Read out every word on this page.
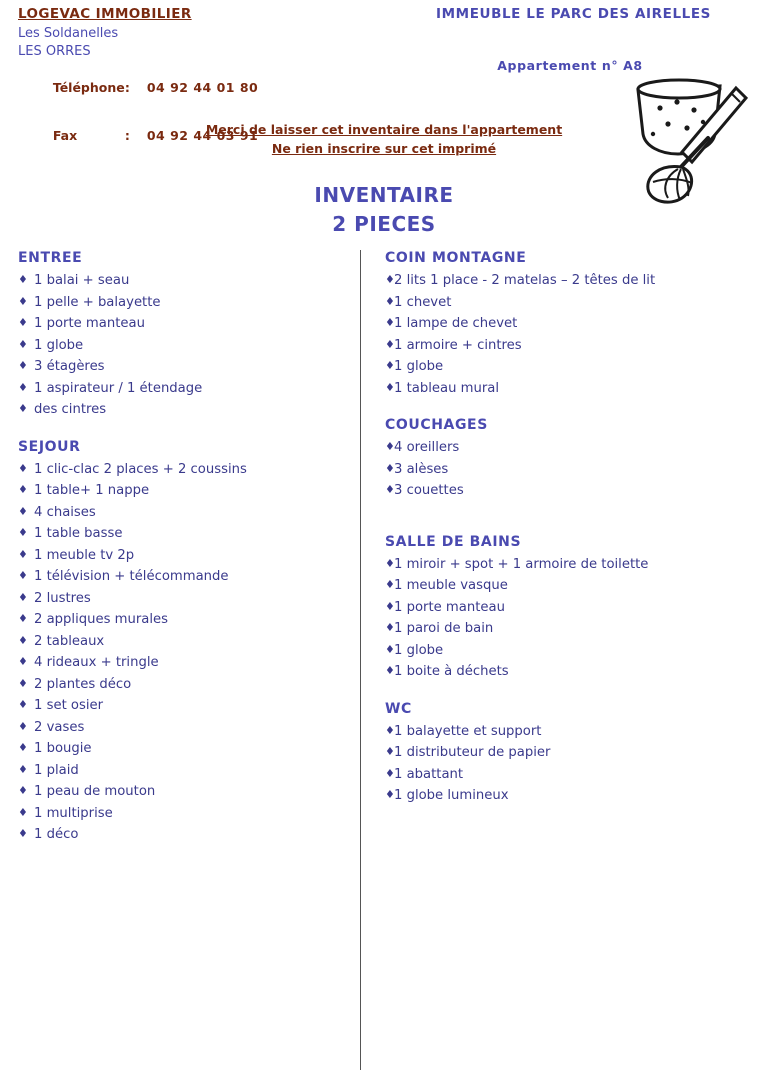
LOGEVAC IMMOBILIER
Les Soldanelles
LES ORRES

Téléphone: 04 92 44 01 80

Fax	: 04 92 44 03 91

IMMEUBLE LE PARC DES AIRELLES
Appartement n° A8
Merci de laisser cet inventaire dans l'appartement
Ne rien inscrire sur cet imprimé
INVENTAIRE
2 PIECES
ENTREE
♦ 1 balai + seau
♦ 1 pelle + balayette
♦ 1 porte manteau
♦ 1 globe
♦ 3 étagères
♦ 1 aspirateur / 1 étendage
♦ des cintres
SEJOUR
♦ 1 clic-clac 2 places + 2 coussins
♦ 1 table+ 1 nappe
♦ 4 chaises
♦ 1 table basse
♦ 1 meuble tv 2p
♦ 1 télévision + télécommande
♦ 2 lustres
♦ 2 appliques murales
♦ 2 tableaux
♦ 4 rideaux + tringle
♦ 2 plantes déco
♦ 1 set osier
♦ 2 vases
♦ 1 bougie
♦ 1 plaid
♦ 1 peau de mouton
♦ 1 multiprise
♦ 1 déco
COIN MONTAGNE
♦2 lits 1 place - 2 matelas – 2 têtes de lit
♦1 chevet
♦1 lampe de chevet
♦1 armoire + cintres
♦1 globe
♦1 tableau mural
COUCHAGES
♦4 oreillers
♦3 alèses
♦3 couettes
SALLE DE BAINS
♦1 miroir + spot + 1 armoire de toilette
♦1 meuble vasque
♦1 porte manteau
♦1 paroi de bain
♦1 globe
♦1 boite à déchets
WC
♦1 balayette et support
♦1 distributeur de papier
♦1 abattant
♦1 globe lumineux
